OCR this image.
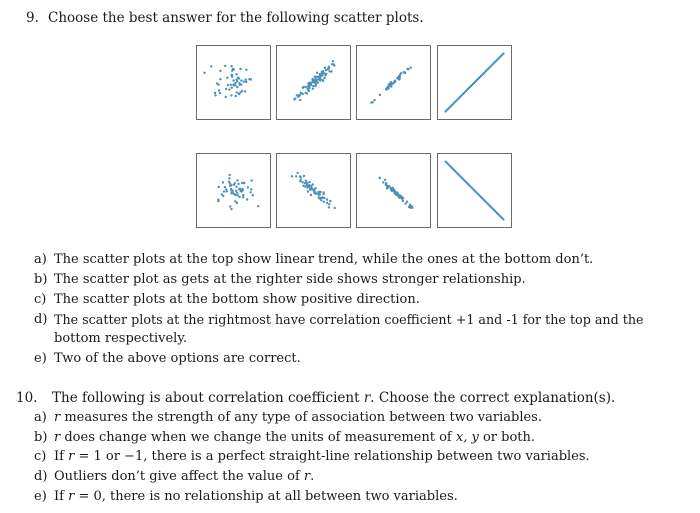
9. Choose the best answer for the following scatter plots.
a) The scatter plots at the top show linear trend, while the ones at the bottom don’t.
b) The scatter plot as gets at the righter side shows stronger relationship.
c) The scatter plots at the bottom show positive direction.
d) The scatter plots at the rightmost have correlation coefficient +1 and -1 for the top and the
bottom respectively.
e) Two of the above options are correct.
10. The following is about correlation coefficient r. Choose the correct explanation(s).
a) r measures the strength of any type of association between two variables.
b) r does change when we change the units of measurement of x, y or both.
c) If r = 1 or −1, there is a perfect straight-line relationship between two variables.
d) Outliers don’t give affect the value of r.
e) If r = 0, there is no relationship at all between two variables.
